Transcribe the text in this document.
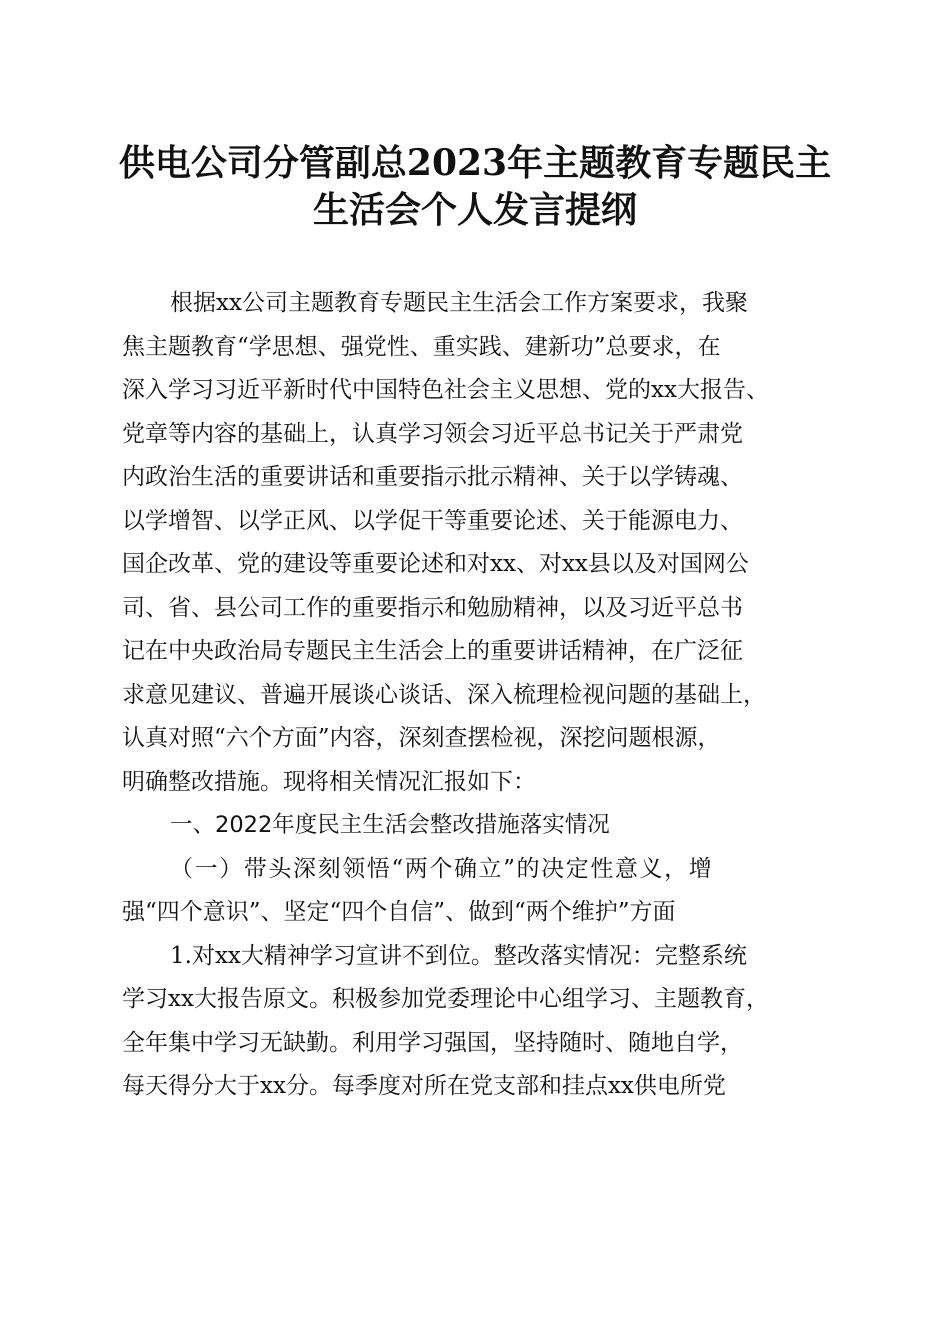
供电公司分管副总2023年主题教育专题民主
生活会个人发言提纲
根据xx公司主题教育专题民主生活会工作方案要求，我聚
焦主题教育“学思想、强党性、重实践、建新功”总要求，在
深入学习习近平新时代中国特色社会主义思想、党的xx大报告、
党章等内容的基础上，认真学习领会习近平总书记关于严肃党
内政治生活的重要讲话和重要指示批示精神、关于以学铸魂、
以学增智、以学正风、以学促干等重要论述、关于能源电力、
国企改革、党的建设等重要论述和对xx、对xx县以及对国网公
司、省、县公司工作的重要指示和勉励精神，以及习近平总书
记在中央政治局专题民主生活会上的重要讲话精神，在广泛征
求意见建议、普遍开展谈心谈话、深入梳理检视问题的基础上，
认真对照“六个方面”内容，深刻查摆检视，深挖问题根源，
明确整改措施。现将相关情况汇报如下：
一、2022年度民主生活会整改措施落实情况
（一）带头深刻领悟“两个确立”的决定性意义，增
强“四个意识”、坚定“四个自信”、做到“两个维护”方面
1.对xx大精神学习宣讲不到位。整改落实情况：完整系统
学习xx大报告原文。积极参加党委理论中心组学习、主题教育，
全年集中学习无缺勤。利用学习强国，坚持随时、随地自学，
每天得分大于xx分。每季度对所在党支部和挂点xx供电所党
